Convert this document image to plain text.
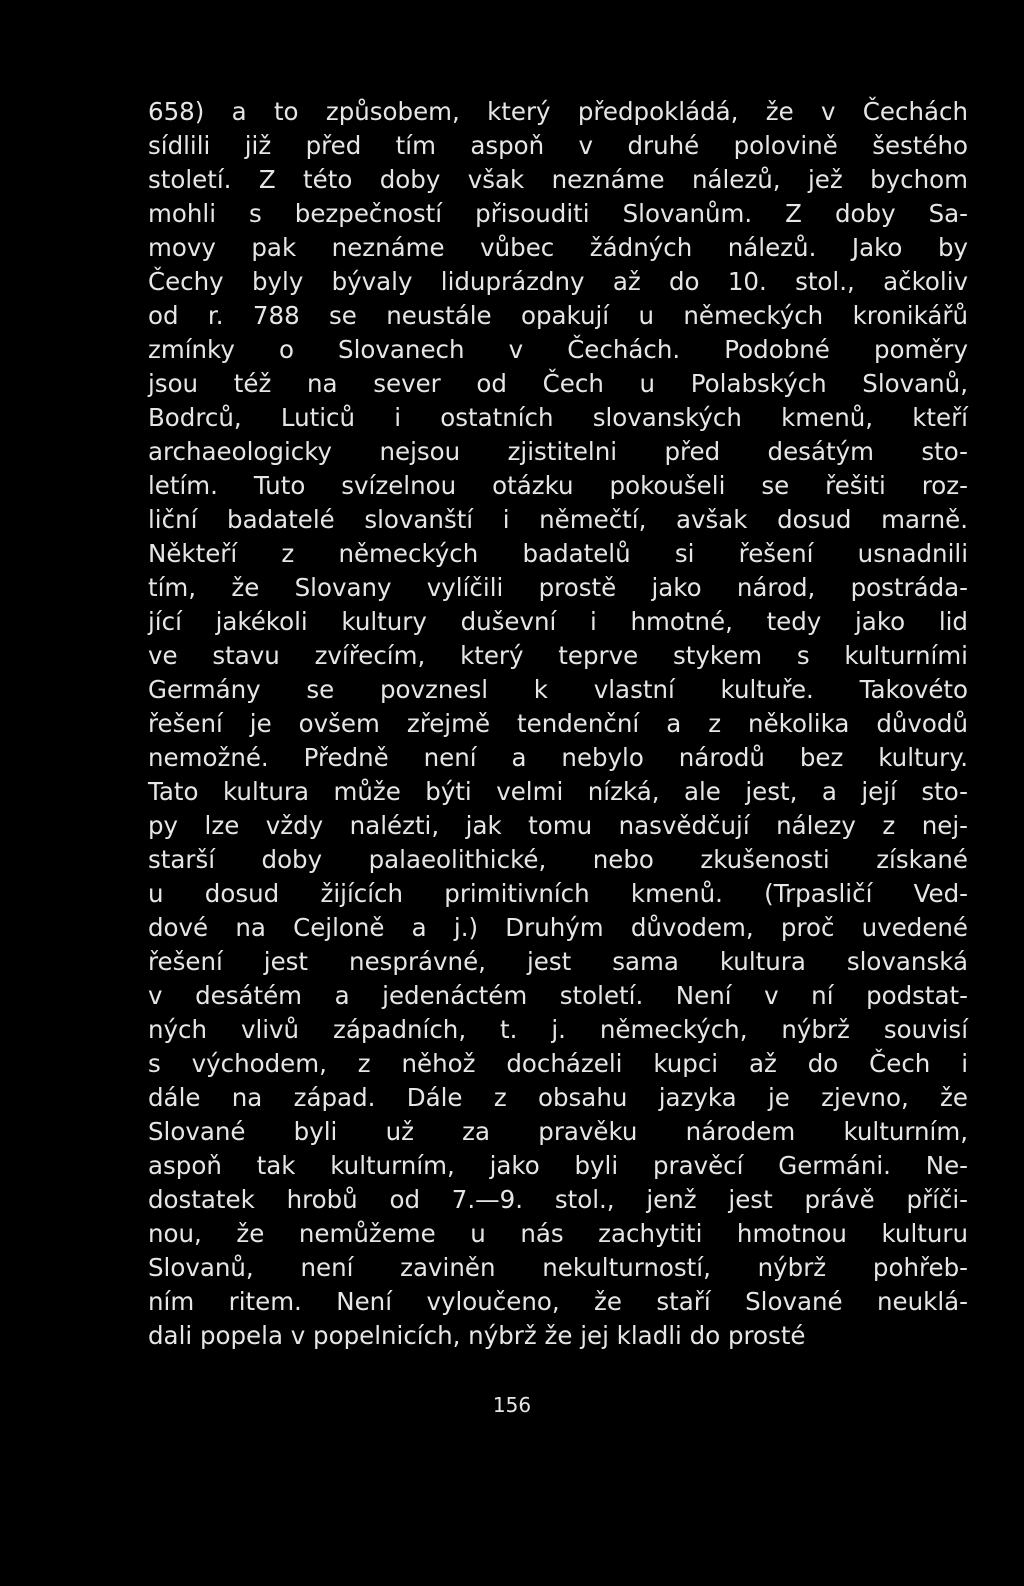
658) a to způsobem, který předpokládá, že v Čechách
sídlili již před tím aspoň v druhé polovině šestého
století. Z této doby však neznáme nálezů, jež bychom
mohli s bezpečností přisouditi Slovanům. Z doby Sa-
movy pak neznáme vůbec žádných nálezů. Jako by
Čechy byly bývaly liduprázdny až do 10. stol., ačkoliv
od r. 788 se neustále opakují u německých kronikářů
zmínky o Slovanech v Čechách. Podobné poměry
jsou též na sever od Čech u Polabských Slovanů,
Bodrců, Luticů i ostatních slovanských kmenů, kteří
archaeologicky nejsou zjistitelni před desátým sto-
letím. Tuto svízelnou otázku pokoušeli se řešiti roz-
liční badatelé slovanští i němečtí, avšak dosud marně.
Někteří z německých badatelů si řešení usnadnili
tím, že Slovany vylíčili prostě jako národ, postráda-
jící jakékoli kultury duševní i hmotné, tedy jako lid
ve stavu zvířecím, který teprve stykem s kulturními
Germány se povznesl k vlastní kultuře. Takovéto
řešení je ovšem zřejmě tendenční a z několika důvodů
nemožné. Předně není a nebylo národů bez kultury.
Tato kultura může býti velmi nízká, ale jest, a její sto-
py lze vždy nalézti, jak tomu nasvědčují nálezy z nej-
starší doby palaeolithické, nebo zkušenosti získané
u dosud žijících primitivních kmenů. (Trpasličí Ved-
dové na Cejloně a j.) Druhým důvodem, proč uvedené
řešení jest nesprávné, jest sama kultura slovanská
v desátém a jedenáctém století. Není v ní podstat-
ných vlivů západních, t. j. německých, nýbrž souvisí
s východem, z něhož docházeli kupci až do Čech i
dále na západ. Dále z obsahu jazyka je zjevno, že
Slované byli už za pravěku národem kulturním,
aspoň tak kulturním, jako byli pravěcí Germáni. Ne-
dostatek hrobů od 7.—9. stol., jenž jest právě příči-
nou, že nemůžeme u nás zachytiti hmotnou kulturu
Slovanů, není zaviněn nekulturností, nýbrž pohřeb-
ním ritem. Není vyloučeno, že staří Slované neuklá-
dali popela v popelnicích, nýbrž že jej kladli do prosté
156
